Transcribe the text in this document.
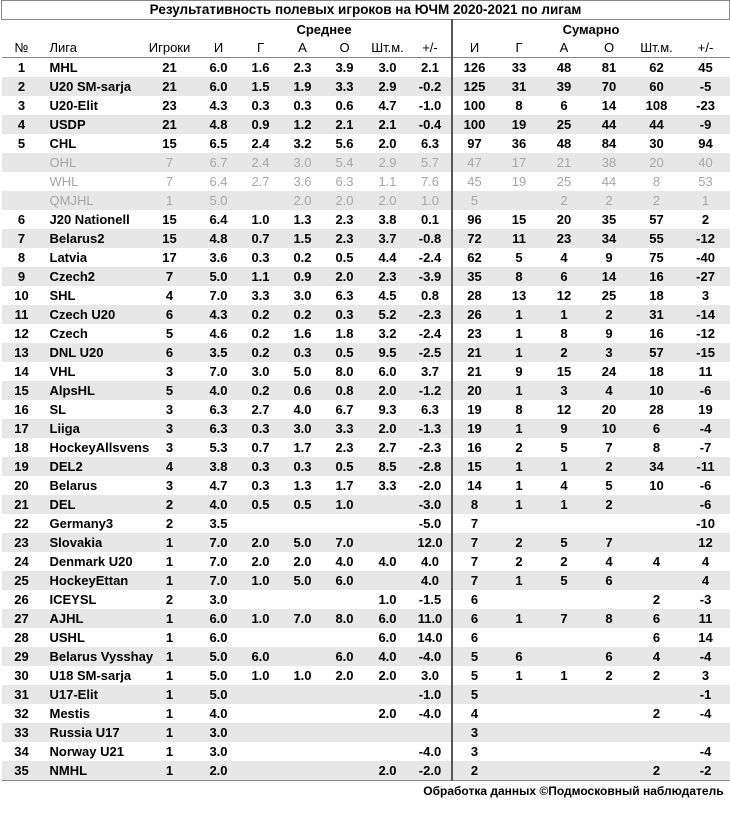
Результативность полевых игроков на ЮЧМ 2020-2021 по лигам														
			Среднее						Сумарно					
№	Лига	Игроки	И	Г	А	О	Шт.м.	+/-	И	Г	А	О	Шт.м.	+/-
1	MHL	21	6.0	1.6	2.3	3.9	3.0	2.1	126	33	48	81	62	45
2	U20 SM-sarja	21	6.0	1.5	1.9	3.3	2.9	-0.2	125	31	39	70	60	-5
3	U20-Elit	23	4.3	0.3	0.3	0.6	4.7	-1.0	100	8	6	14	108	-23
4	USDP	21	4.8	0.9	1.2	2.1	2.1	-0.4	100	19	25	44	44	-9
5	CHL	15	6.5	2.4	3.2	5.6	2.0	6.3	97	36	48	84	30	94
	OHL	7	6.7	2.4	3.0	5.4	2.9	5.7	47	17	21	38	20	40
	WHL	7	6.4	2.7	3.6	6.3	1.1	7.6	45	19	25	44	8	53
	QMJHL	1	5.0		2.0	2.0	2.0	1.0	5		2	2	2	1
6	J20 Nationell	15	6.4	1.0	1.3	2.3	3.8	0.1	96	15	20	35	57	2
7	Belarus2	15	4.8	0.7	1.5	2.3	3.7	-0.8	72	11	23	34	55	-12
8	Latvia	17	3.6	0.3	0.2	0.5	4.4	-2.4	62	5	4	9	75	-40
9	Czech2	7	5.0	1.1	0.9	2.0	2.3	-3.9	35	8	6	14	16	-27
10	SHL	4	7.0	3.3	3.0	6.3	4.5	0.8	28	13	12	25	18	3
11	Czech U20	6	4.3	0.2	0.2	0.3	5.2	-2.3	26	1	1	2	31	-14
12	Czech	5	4.6	0.2	1.6	1.8	3.2	-2.4	23	1	8	9	16	-12
13	DNL U20	6	3.5	0.2	0.3	0.5	9.5	-2.5	21	1	2	3	57	-15
14	VHL	3	7.0	3.0	5.0	8.0	6.0	3.7	21	9	15	24	18	11
15	AlpsHL	5	4.0	0.2	0.6	0.8	2.0	-1.2	20	1	3	4	10	-6
16	SL	3	6.3	2.7	4.0	6.7	9.3	6.3	19	8	12	20	28	19
17	Liiga	3	6.3	0.3	3.0	3.3	2.0	-1.3	19	1	9	10	6	-4
18	HockeyAllsvens	3	5.3	0.7	1.7	2.3	2.7	-2.3	16	2	5	7	8	-7
19	DEL2	4	3.8	0.3	0.3	0.5	8.5	-2.8	15	1	1	2	34	-11
20	Belarus	3	4.7	0.3	1.3	1.7	3.3	-2.0	14	1	4	5	10	-6
21	DEL	2	4.0	0.5	0.5	1.0		-3.0	8	1	1	2		-6
22	Germany3	2	3.5					-5.0	7					-10
23	Slovakia	1	7.0	2.0	5.0	7.0		12.0	7	2	5	7		12
24	Denmark U20	1	7.0	2.0	2.0	4.0	4.0	4.0	7	2	2	4	4	4
25	HockeyEttan	1	7.0	1.0	5.0	6.0		4.0	7	1	5	6		4
26	ICEYSL	2	3.0				1.0	-1.5	6				2	-3
27	AJHL	1	6.0	1.0	7.0	8.0	6.0	11.0	6	1	7	8	6	11
28	USHL	1	6.0				6.0	14.0	6				6	14
29	Belarus Vysshay	1	5.0	6.0		6.0	4.0	-4.0	5	6		6	4	-4
30	U18 SM-sarja	1	5.0	1.0	1.0	2.0	2.0	3.0	5	1	1	2	2	3
31	U17-Elit	1	5.0					-1.0	5					-1
32	Mestis	1	4.0				2.0	-4.0	4				2	-4
33	Russia U17	1	3.0						3					
34	Norway U21	1	3.0					-4.0	3					-4
35	NMHL	1	2.0				2.0	-2.0	2				2	-2
Обработка данных ©Подмосковный наблюдатель														
